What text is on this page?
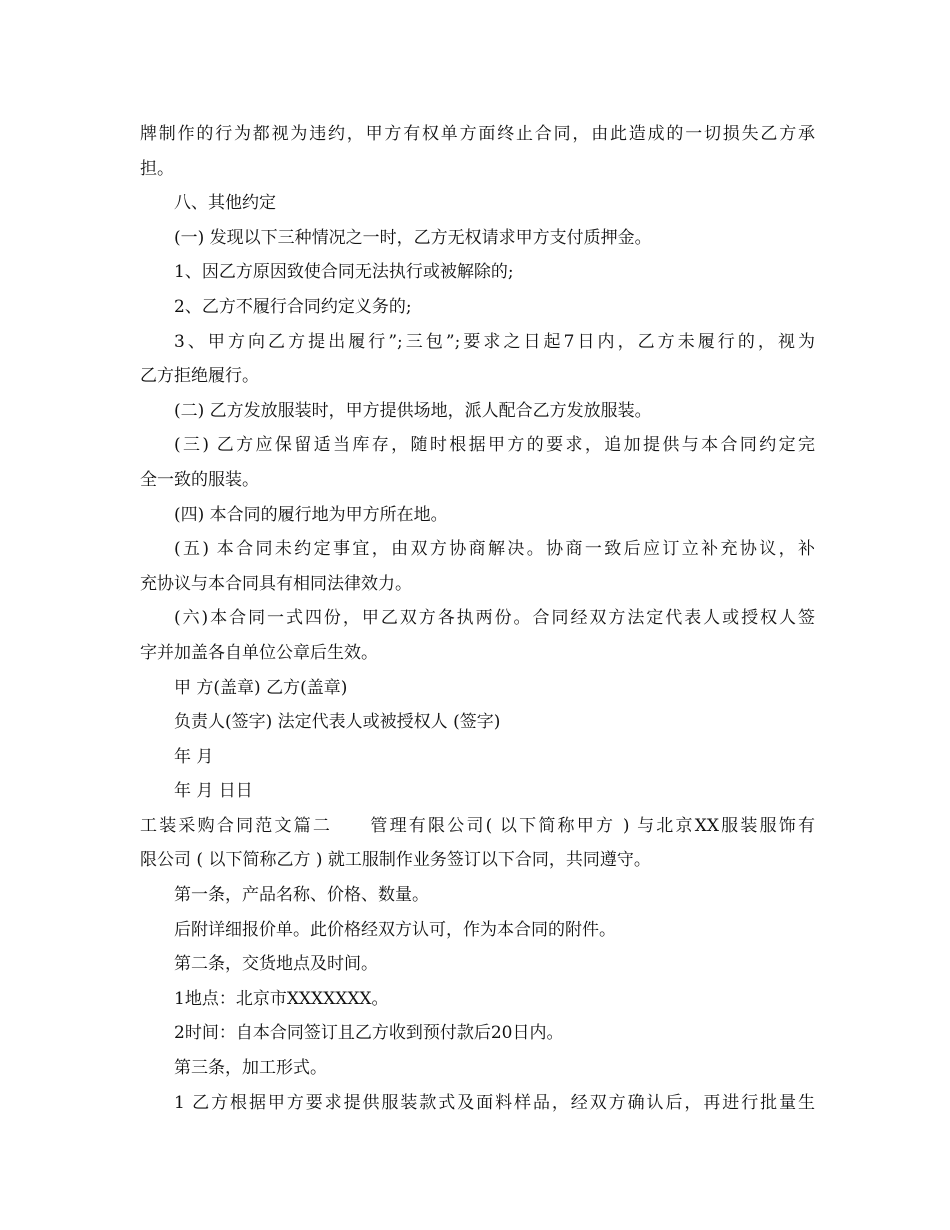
牌制作的行为都视为违约，甲方有权单方面终止合同，由此造成的一切损失乙方承
担。
八、其他约定
(一) 发现以下三种情况之一时，乙方无权请求甲方支付质押金。
1、因乙方原因致使合同无法执行或被解除的;
2、乙方不履行合同约定义务的;
3、甲方向乙方提出履行”;三包”;要求之日起7日内，乙方未履行的，视为
乙方拒绝履行。
(二) 乙方发放服装时，甲方提供场地，派人配合乙方发放服装。
(三) 乙方应保留适当库存，随时根据甲方的要求，追加提供与本合同约定完
全一致的服装。
(四) 本合同的履行地为甲方所在地。
(五) 本合同未约定事宜，由双方协商解决。协商一致后应订立补充协议，补
充协议与本合同具有相同法律效力。
(六)本合同一式四份，甲乙双方各执两份。合同经双方法定代表人或授权人签
字并加盖各自单位公章后生效。
甲 方(盖章) 乙方(盖章)
负责人(签字) 法定代表人或被授权人 (签字)
年 月
年 月 日日
工装采购合同范文篇二 管理有限公司( 以下简称甲方 ) 与北京XX服装服饰有
限公司 ( 以下简称乙方 ) 就工服制作业务签订以下合同，共同遵守。
第一条，产品名称、价格、数量。
后附详细报价单。此价格经双方认可，作为本合同的附件。
第二条，交货地点及时间。
1地点：北京市XXXXXXX。
2时间：自本合同签订且乙方收到预付款后20日内。
第三条，加工形式。
1 乙方根据甲方要求提供服装款式及面料样品，经双方确认后，再进行批量生
